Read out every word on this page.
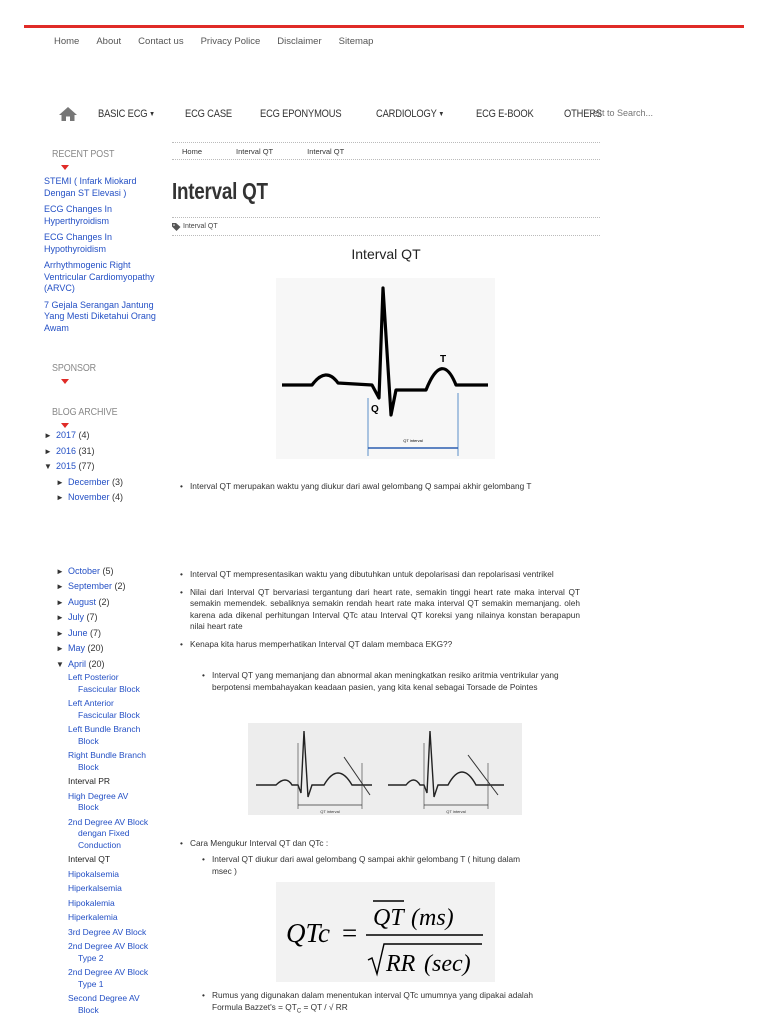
Home About Contact us Privacy Police Disclaimer Sitemap
BASIC ECG ▼	ECG CASE	ECG EPONYMOUS	CARDIOLOGY ▼	ECG E-BOOK	OTHERS
Text to Search...
RECENT POST
STEMI ( Infark Miokard Dengan ST Elevasi )
ECG Changes In Hyperthyroidism
ECG Changes In Hypothyroidism
Arrhythmogenic Right Ventricular Cardiomyopathy (ARVC)
7 Gejala Serangan Jantung Yang Mesti Diketahui Orang Awam
SPONSOR
BLOG ARCHIVE
► 2017 (4)
► 2016 (31)
▼ 2015 (77)
► December (3)
► November (4)
► October (5)
► September (2)
► August (2)
► July (7)
► June (7)
► May (20)
▼ April (20)
Left Posterior
Fascicular Block
Left Anterior
Fascicular Block
Left Bundle Branch
Block
Right Bundle Branch
Block
Interval PR
High Degree AV
Block
2nd Degree AV Block
dengan Fixed
Conduction
Interval QT
Hipokalsemia
Hiperkalsemia
Hipokalemia
Hiperkalemia
3rd Degree AV Block
2nd Degree AV Block
Type 2
2nd Degree AV Block
Type 1
Second Degree AV
Block
Home	Interval QT	Interval QT
Interval QT
Interval QT
Interval QT
T
Q
QT interval
• Interval QT merupakan waktu yang diukur dari awal gelombang Q sampai akhir gelombang T
• Interval QT mempresentasikan waktu yang dibutuhkan untuk depolarisasi dan repolarisasi ventrikel
• Nilai dari Interval QT bervariasi tergantung dari heart rate, semakin tinggi heart rate maka interval QT semakin memendek. sebaliknya semakin rendah heart rate maka interval QT semakin memanjang. oleh karena ada dikenal perhitungan Interval QTc atau Interval QT koreksi yang nilainya konstan berapapun nilai heart rate
• Kenapa kita harus memperhatikan Interval QT dalam membaca EKG??
• Interval QT yang memanjang dan abnormal akan meningkatkan resiko aritmia ventrikular yang berpotensi membahayakan keadaan pasien, yang kita kenal sebagai Torsade de Pointes
QT interval	QT interval
• Cara Mengukur Interval QT dan QTc :
• Interval QT diukur dari awal gelombang Q sampai akhir gelombang T ( hitung dalam msec )
QTc = QT (ms)
RR (sec)
• Rumus yang digunakan dalam menentukan interval QTc umumnya yang dipakai adalah Formula Bazzet's = $QT_C$ = QT / √ RR
